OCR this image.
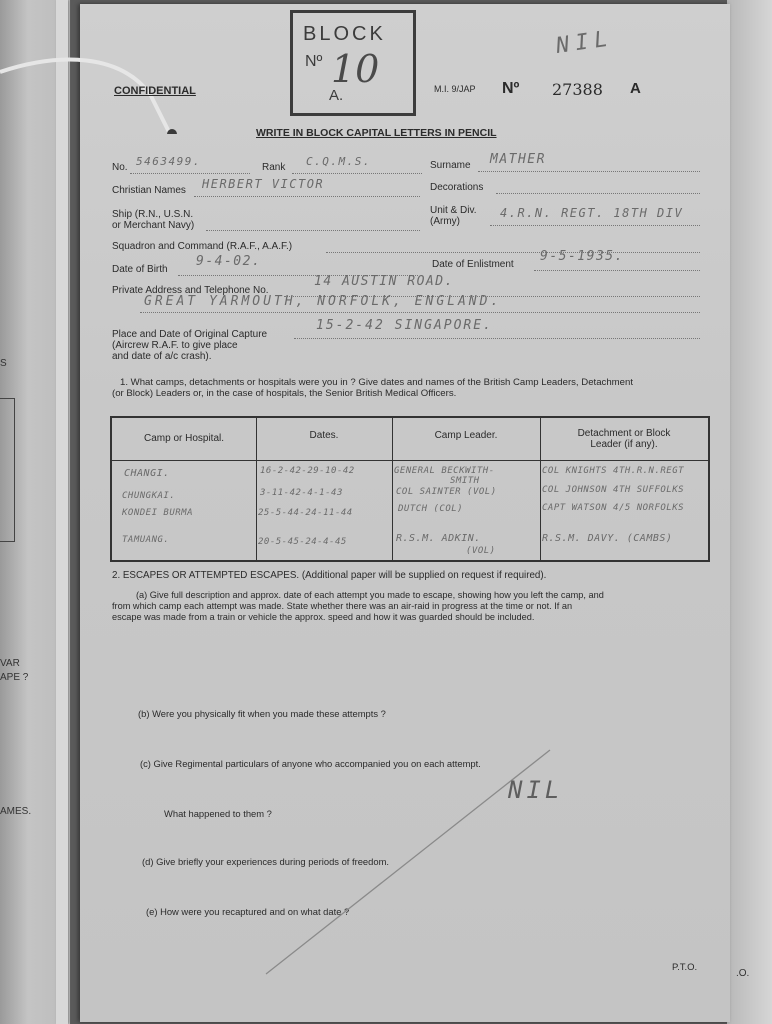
S
VAR
APE ?
AMES.
.O.
BLOCK
Nº 10
A.
NIL
CONFIDENTIAL	M.I. 9/JAP Nº 27388 A
WRITE IN BLOCK CAPITAL LETTERS IN PENCIL
No. 5463499.	Rank C.Q.M.S.	Surname MATHER
Christian Names HERBERT VICTOR	Decorations
Ship (R.N., U.S.N.
or Merchant Navy)
Unit & Div.
(Army)
4.R.N. REGT. 18TH DIV
Squadron and Command (R.A.F., A.A.F.)
Date of Birth
9-4-02.	Date of Enlistment
9-5-1935.
Private Address and Telephone No.
14 AUSTIN ROAD.
GREAT YARMOUTH, NORFOLK, ENGLAND.
Place and Date of Original Capture
(Aircrew R.A.F. to give place
and date of a/c crash).
15-2-42 SINGAPORE.
1. What camps, detachments or hospitals were you in ? Give dates and names of the British Camp Leaders, Detachment
(or Block) Leaders or, in the case of hospitals, the Senior British Medical Officers.
Camp or Hospital.	Dates.	Camp Leader.	Detachment or Block
Leader (if any).
CHANGI.	16-2-42-29-10-42	GENERAL BECKWITH-	COL KNIGHTS 4TH.R.N.REGT
SMITH
CHUNGKAI.	3-11-42-4-1-43	COL SAINTER (VOL)	COL JOHNSON 4TH SUFFOLKS
KONDEI BURMA	25-5-44-24-11-44	DUTCH (COL)	CAPT WATSON 4/5 NORFOLKS
TAMUANG.	20-5-45-24-4-45	R.S.M. ADKIN.	R.S.M. DAVY. (CAMBS)
(VOL)
2. ESCAPES OR ATTEMPTED ESCAPES. (Additional paper will be supplied on request if required).
(a) Give full description and approx. date of each attempt you made to escape, showing how you left the camp, and
from which camp each attempt was made. State whether there was an air-raid in progress at the time or not. If an
escape was made from a train or vehicle the approx. speed and how it was guarded should be included.
(b) Were you physically fit when you made these attempts ?
(c) Give Regimental particulars of anyone who accompanied you on each attempt.
What happened to them ?
(d) Give briefly your experiences during periods of freedom.
(e) How were you recaptured and on what date ?
NIL
P.T.O.
